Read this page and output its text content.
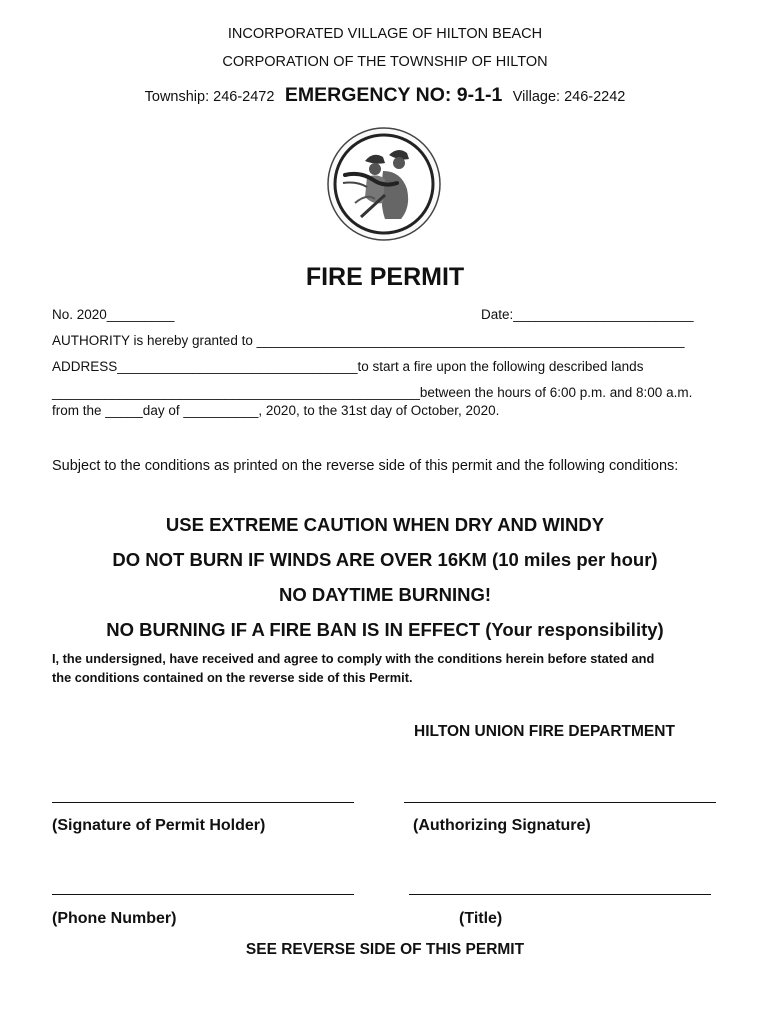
INCORPORATED VILLAGE OF HILTON BEACH
CORPORATION OF THE TOWNSHIP OF HILTON
Township: 246-2472 EMERGENCY NO: 9-1-1 Village: 246-2242
FIRE PERMIT
No. 2020_________	Date:________________________
AUTHORITY is hereby granted to _________________________________________________________
ADDRESS________________________________to start a fire upon the following described lands
_________________________________________________between the hours of 6:00 p.m. and 8:00 a.m.
from the _____day of __________, 2020, to the 31st day of October, 2020.
Subject to the conditions as printed on the reverse side of this permit and the following conditions:
USE EXTREME CAUTION WHEN DRY AND WINDY
DO NOT BURN IF WINDS ARE OVER 16KM (10 miles per hour)
NO DAYTIME BURNING!
NO BURNING IF A FIRE BAN IS IN EFFECT (Your responsibility)
I, the undersigned, have received and agree to comply with the conditions herein before stated and
the conditions contained on the reverse side of this Permit.
HILTON UNION FIRE DEPARTMENT
(Signature of Permit Holder)	(Authorizing Signature)
(Phone Number)	(Title)
SEE REVERSE SIDE OF THIS PERMIT
